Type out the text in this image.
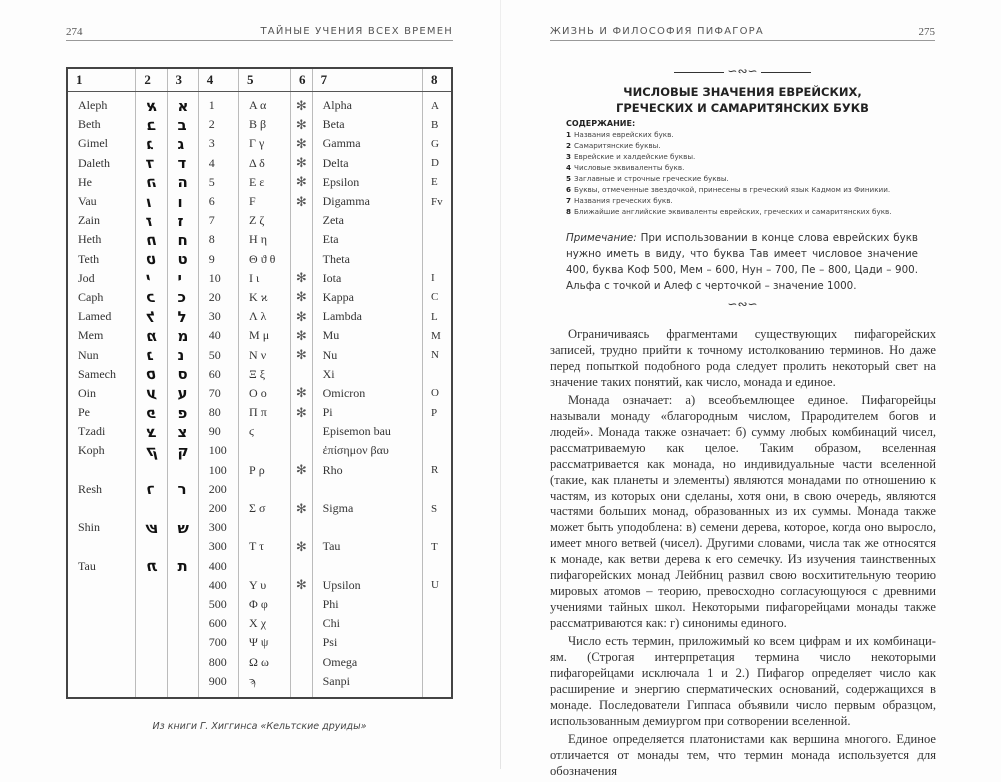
274	ТАЙНЫЕ УЧЕНИЯ ВСЕХ ВРЕМЕН
1	2	3	4	5	6	7	8
Aleph	א	א	1	Α α	✻	Alpha	A
Beth	ב	ב	2	Β β	✻	Beta	B
Gimel	ג	ג	3	Γ γ	✻	Gamma	G
Daleth	ד	ד	4	Δ δ	✻	Delta	D
He	ה	ה	5	Ε ε	✻	Epsilon	E
Vau	ו	ו	6	F	✻	Digamma	Fv
Zain	ז	ז	7	Ζ ζ		Zeta	
Heth	ח	ח	8	Η η		Eta	
Teth	ט	ט	9	Θ ϑ θ		Theta	
Jod	י	י	10	Ι ι	✻	Iota	I
Caph	כ	כ	20	Κ ϰ	✻	Kappa	C
Lamed	ל	ל	30	Λ λ	✻	Lambda	L
Mem	מ	מ	40	Μ μ	✻	Mu	M
Nun	נ	נ	50	Ν ν	✻	Nu	N
Samech	ס	ס	60	Ξ ξ		Xi	
Oin	ע	ע	70	Ο ο	✻	Omicron	O
Pe	פ	פ	80	Π π	✻	Pi	P
Tzadi	צ	צ	90	ϛ		Episemon bau	
Koph	ק	ק	100			ἐπίσημον βαυ	
			100	Ρ ρ	✻	Rho	R
Resh	ר	ר	200				
			200	Σ σ	✻	Sigma	S
Shin	ש	ש	300				
			300	Τ τ	✻	Tau	T
Tau	ת	ת	400				
			400	Υ υ	✻	Upsilon	U
			500	Φ φ		Phi	
			600	Χ χ		Chi	
			700	Ψ ψ		Psi	
			800	Ω ω		Omega	
			900	ϡ		Sanpi	
Из книги Г. Хиггинса «Кельтские друиды»
ЖИЗНЬ И ФИЛОСОФИЯ ПИФАГОРА	275
∽∾∽
ЧИСЛОВЫЕ ЗНАЧЕНИЯ ЕВРЕЙСКИХ,
ГРЕЧЕСКИХ И САМАРИТЯНСКИХ БУКВ
СОДЕРЖАНИЕ:
1 Названия еврейских букв.
2 Самаритянские буквы.
3 Еврейские и халдейские буквы.
4 Числовые эквиваленты букв.
5 Заглавные и строчные греческие буквы.
6 Буквы, отмеченные звездочкой, принесены в греческий язык Кадмом из Финикии.
7 Названия греческих букв.
8 Ближайшие английские эквиваленты еврейских, греческих и самаритянских букв.
Примечание: При использовании в конце слова еврейских букв нужно иметь в виду, что буква Тав имеет числовое значение 400, буква Коф 500, Мем – 600, Нун – 700, Пе – 800, Цади – 900. Альфа с точкой и Алеф с черточкой – значение 1000.
∽∾∽

Ограничиваясь фрагментами существующих пифагорейских записей, трудно прийти к точному истолкованию терминов. Но даже перед попыткой подобного рода следует пролить некоторый свет на значение таких понятий, как число, монада и единое.

Монада означает: а) всеобъемлющее единое. Пифагорейцы называли монаду «благородным числом, Прародителем богов и людей». Монада также означает: б) сумму любых комбинаций чисел, рассматриваемую как целое. Таким образом, вселенная рассматривается как монада, но индивидуальные части вселенной (такие, как планеты и элементы) являются монадами по отношению к частям, из которых они сделаны, хотя они, в свою очередь, являются частями больших монад, образованных из их суммы. Монада также может быть уподоблена: в) семени дерева, которое, когда оно выросло, имеет много ветвей (чисел). Другими словами, числа так же относятся к монаде, как ветви дерева к его семечку. Из изучения таинственных пифагорейских монад Лейбниц развил свою восхитительную теорию мировых атомов – теорию, превосходно согласующуюся с древними учениями тайных школ. Некоторыми пифагорейцами монады также рассматриваются как: г) синонимы единого.

Число есть термин, приложимый ко всем цифрам и их комбинациям. (Строгая интерпретация термина число некоторыми пифагорейцами исключала 1 и 2.) Пифагор определяет число как расширение и энергию сперматических оснований, содержащихся в монаде. Последователи Гиппаса объявили число первым образцом, использованным демиургом при сотворении вселенной.

Единое определяется платонистами как вершина многого. Единое отличается от монады тем, что термин монада используется для обозначения
